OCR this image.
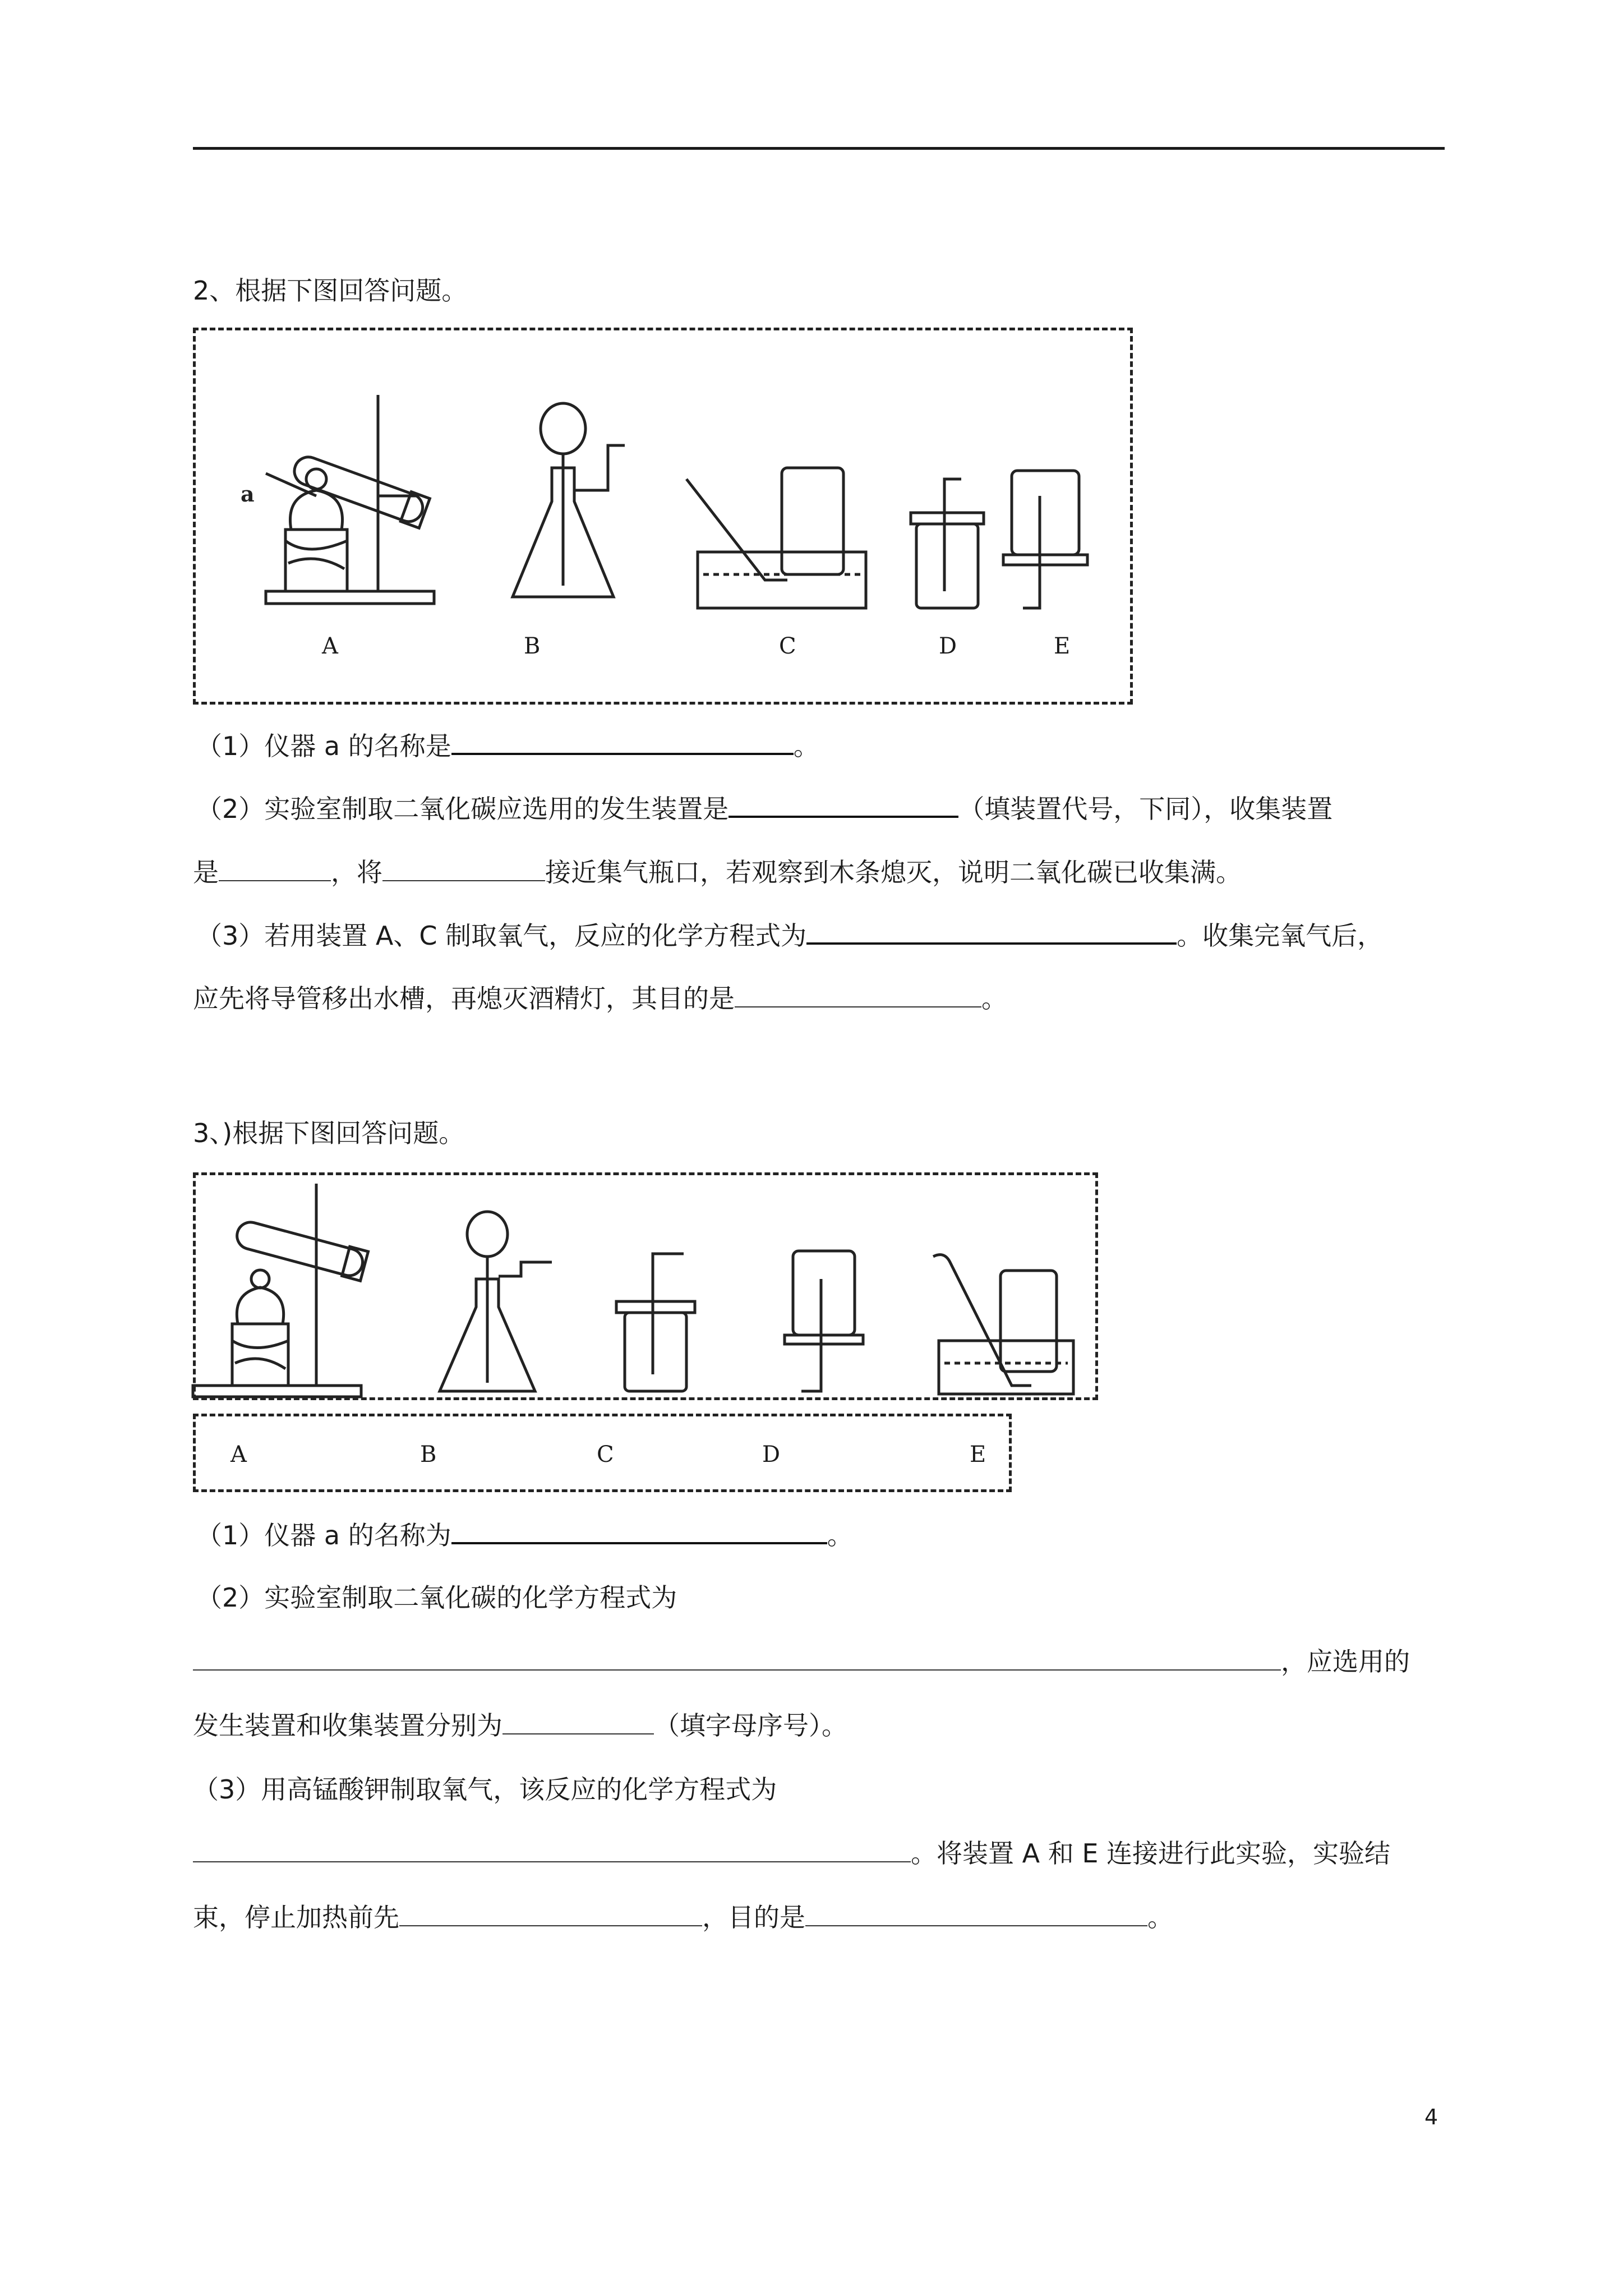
2、根据下图回答问题。
a
A	B	C	D	E
（1）仪器 a 的名称是	。
（2）实验室制取二氧化碳应选用的发生装置是	（填装置代号，下同），收集装置
是	，将	接近集气瓶口，若观察到木条熄灭，说明二氧化碳已收集满。
（3）若用装置 A、C 制取氧气，反应的化学方程式为	。收集完氧气后，
应先将导管移出水槽，再熄灭酒精灯，其目的是	。
3、)根据下图回答问题。
A	B	C	D	E
（1）仪器 a 的名称为	。
（2）实验室制取二氧化碳的化学方程式为
，应选用的
发生装置和收集装置分别为	（填字母序号）。
（3）用高锰酸钾制取氧气，该反应的化学方程式为
。将装置 A 和 E 连接进行此实验，实验结
束，停止加热前先	，目的是	。
4
